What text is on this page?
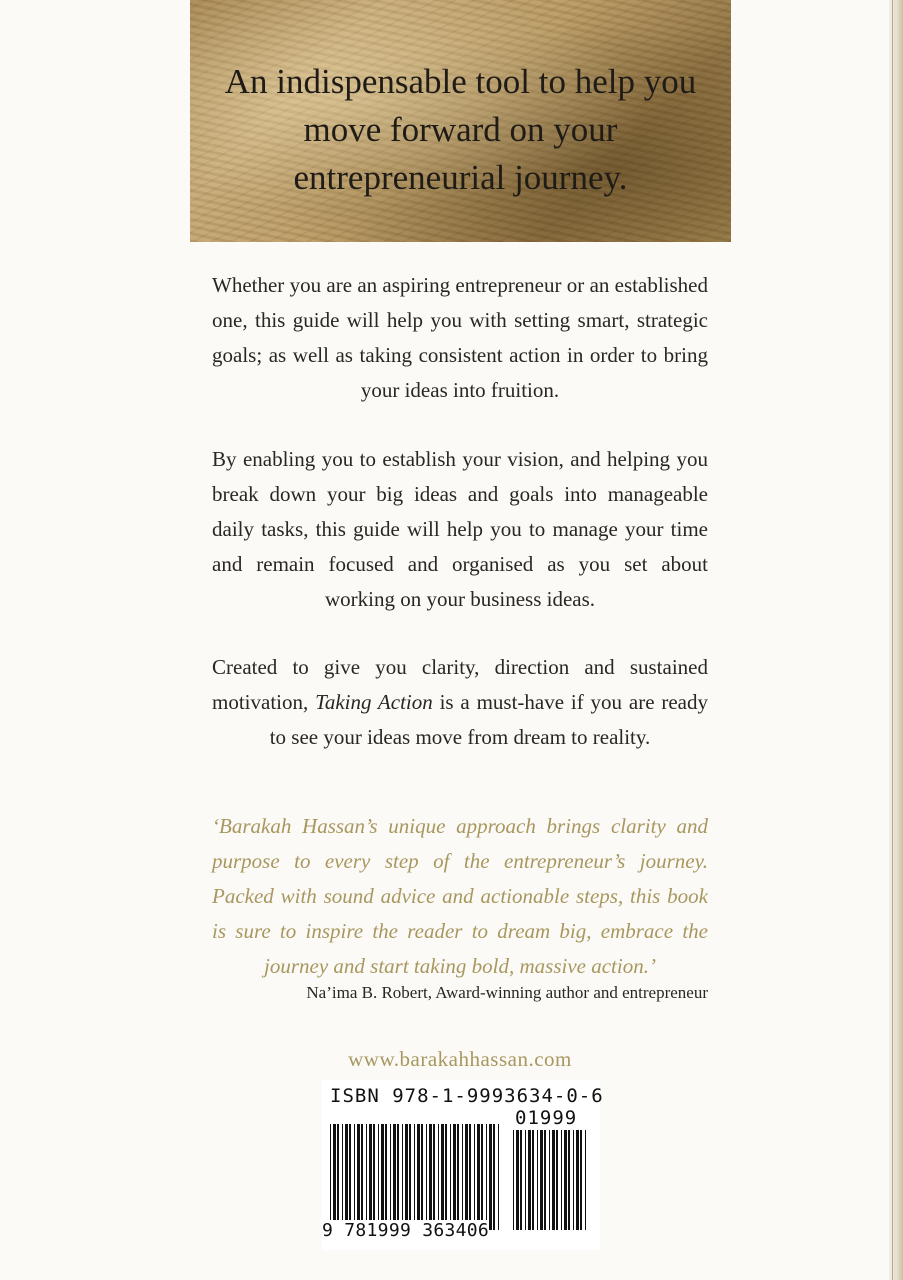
An indispensable tool to help you move forward on your entrepreneurial journey.

Whether you are an aspiring entrepreneur or an established one, this guide will help you with setting smart, strategic goals; as well as taking consistent action in order to bring your ideas into fruition.

By enabling you to establish your vision, and helping you break down your big ideas and goals into manageable daily tasks, this guide will help you to manage your time and remain focused and organised as you set about working on your business ideas.

Created to give you clarity, direction and sustained motivation, Taking Action is a must-have if you are ready to see your ideas move from dream to reality.

‘Barakah Hassan’s unique approach brings clarity and purpose to every step of the entrepreneur’s journey. Packed with sound advice and actionable steps, this book is sure to inspire the reader to dream big, embrace the journey and start taking bold, massive action.’

Na’ima B. Robert, Award-winning author and entrepreneur
www.barakahhassan.com
ISBN 978-1-9993634-0-6
01999
9 781999 363406
